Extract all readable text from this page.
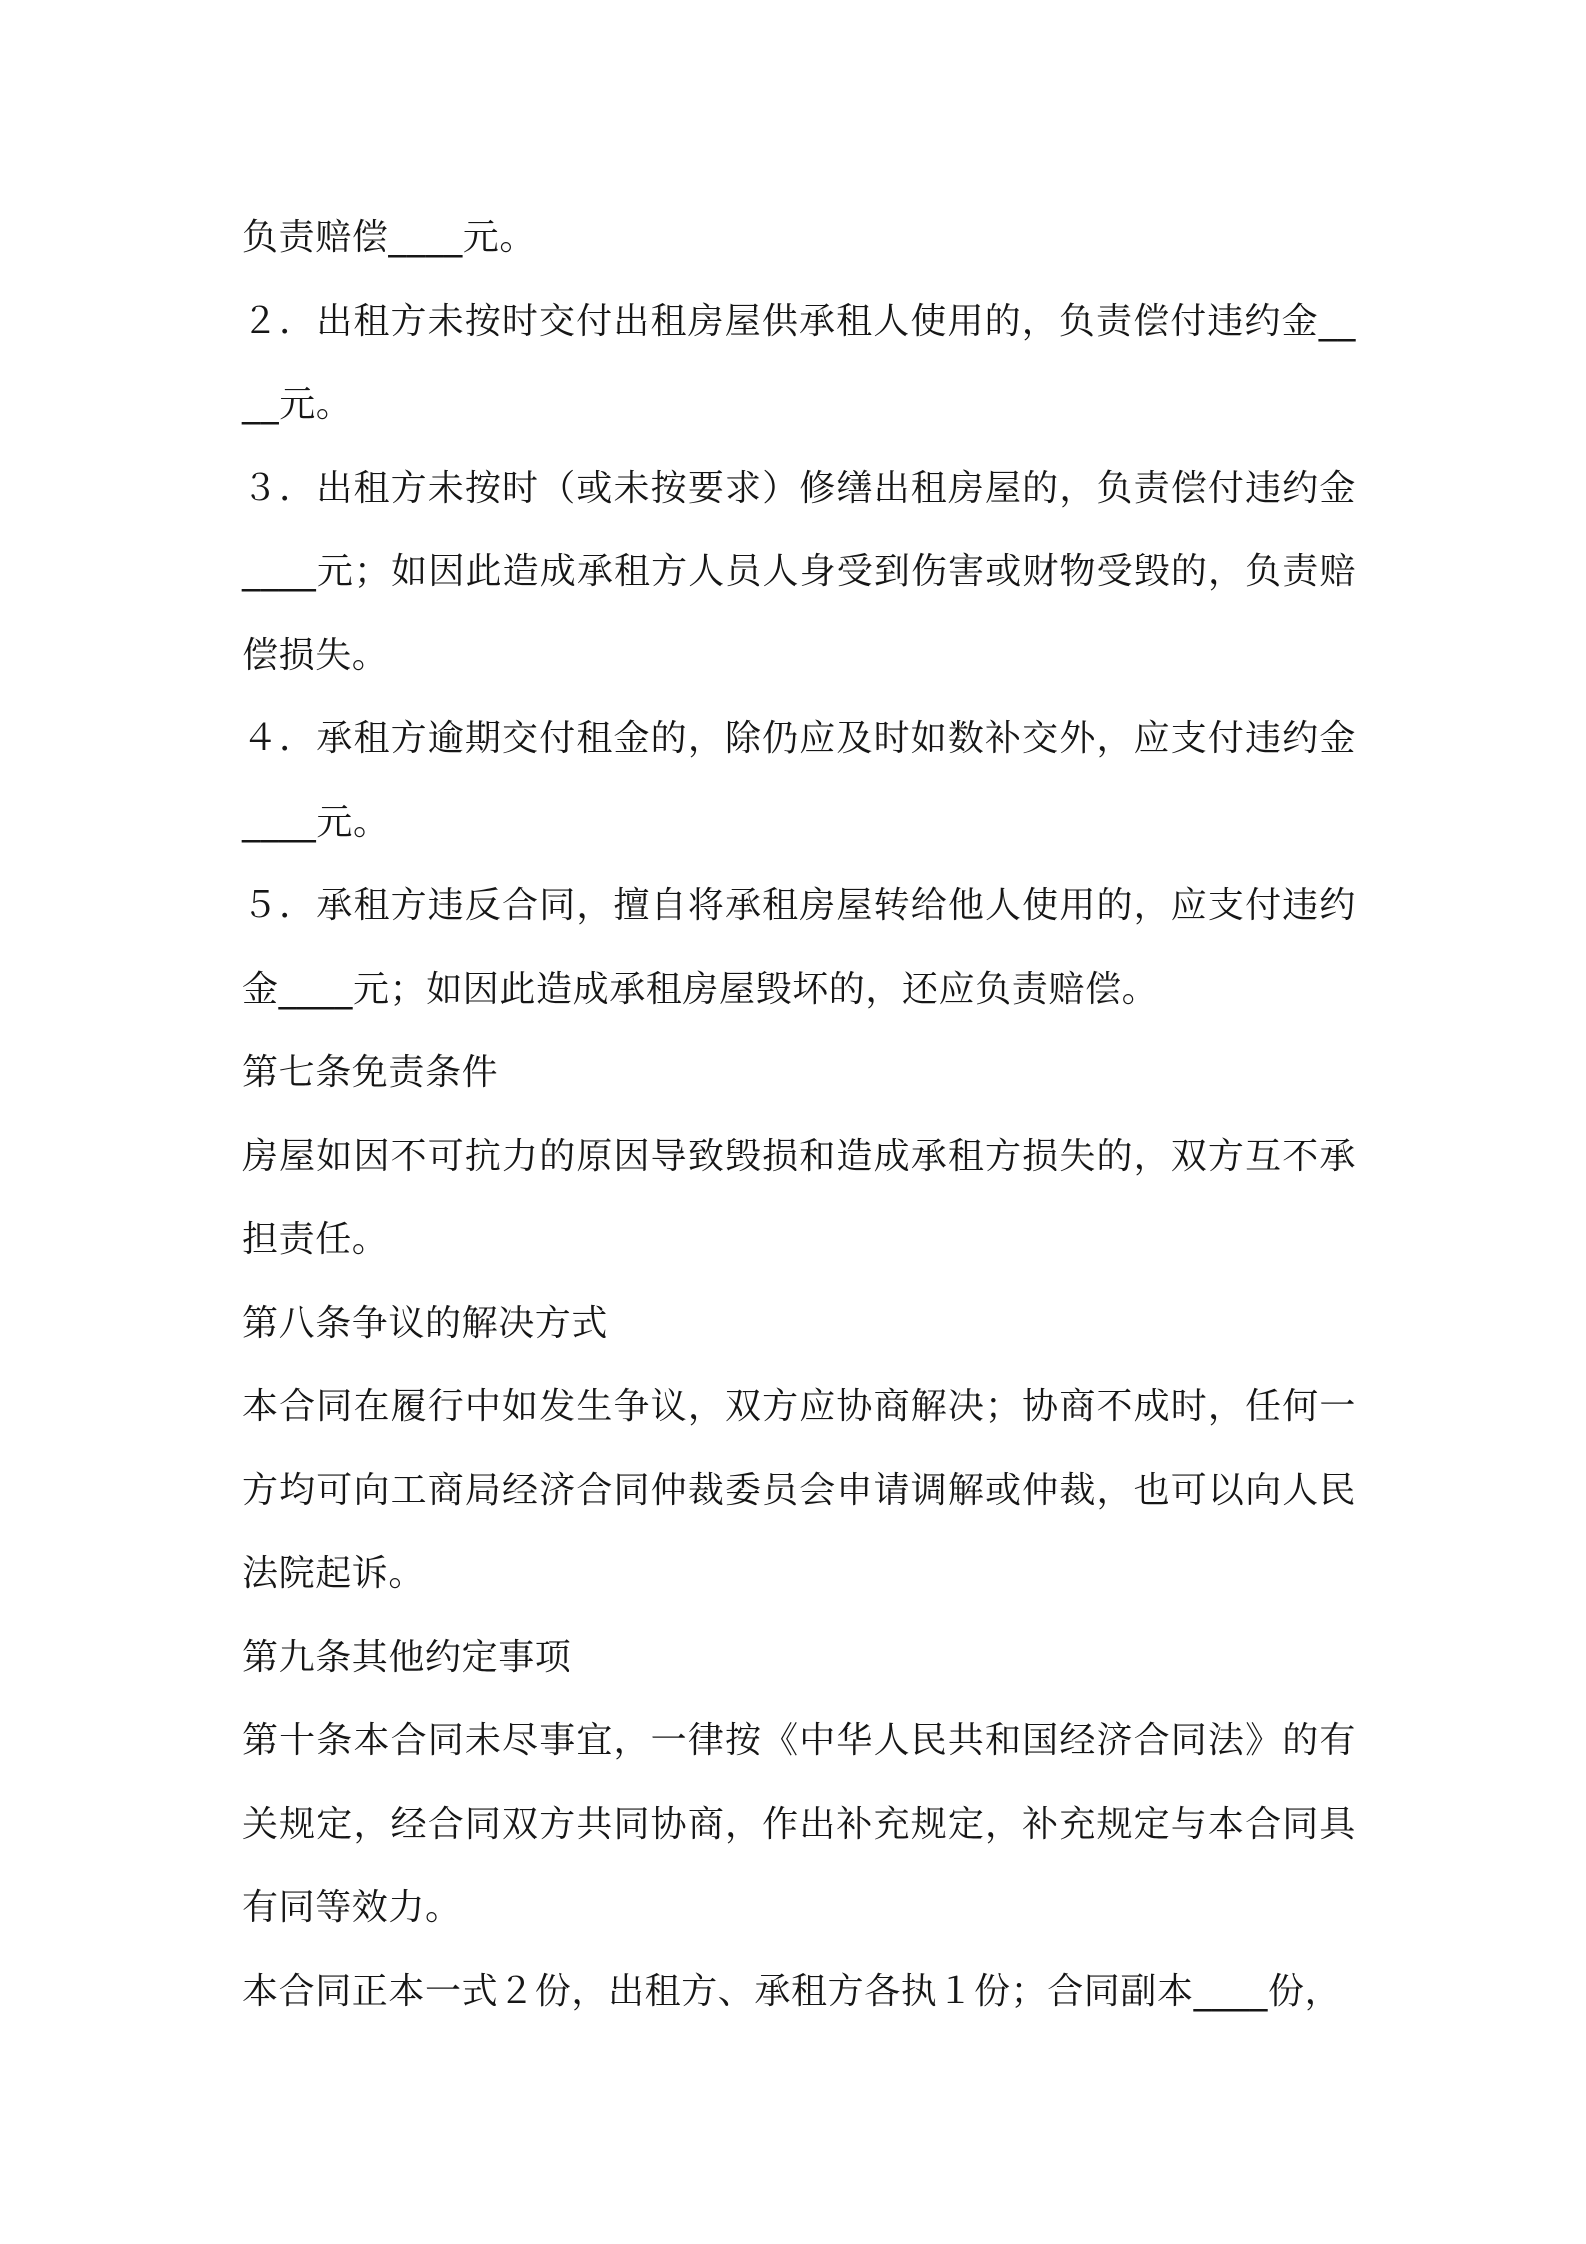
负责赔偿____元。

２．出租方未按时交付出租房屋供承租人使用的，负责偿付违约金____元。

３．出租方未按时（或未按要求）修缮出租房屋的，负责偿付违约金____元；如因此造成承租方人员人身受到伤害或财物受毁的，负责赔偿损失。

４．承租方逾期交付租金的，除仍应及时如数补交外，应支付违约金____元。

５．承租方违反合同，擅自将承租房屋转给他人使用的，应支付违约金____元；如因此造成承租房屋毁坏的，还应负责赔偿。

第七条免责条件

房屋如因不可抗力的原因导致毁损和造成承租方损失的，双方互不承担责任。

第八条争议的解决方式

本合同在履行中如发生争议，双方应协商解决；协商不成时，任何一方均可向工商局经济合同仲裁委员会申请调解或仲裁，也可以向人民法院起诉。

第九条其他约定事项

第十条本合同未尽事宜，一律按《中华人民共和国经济合同法》的有关规定，经合同双方共同协商，作出补充规定，补充规定与本合同具有同等效力。

本合同正本一式２份，出租方、承租方各执１份；合同副本____份，
